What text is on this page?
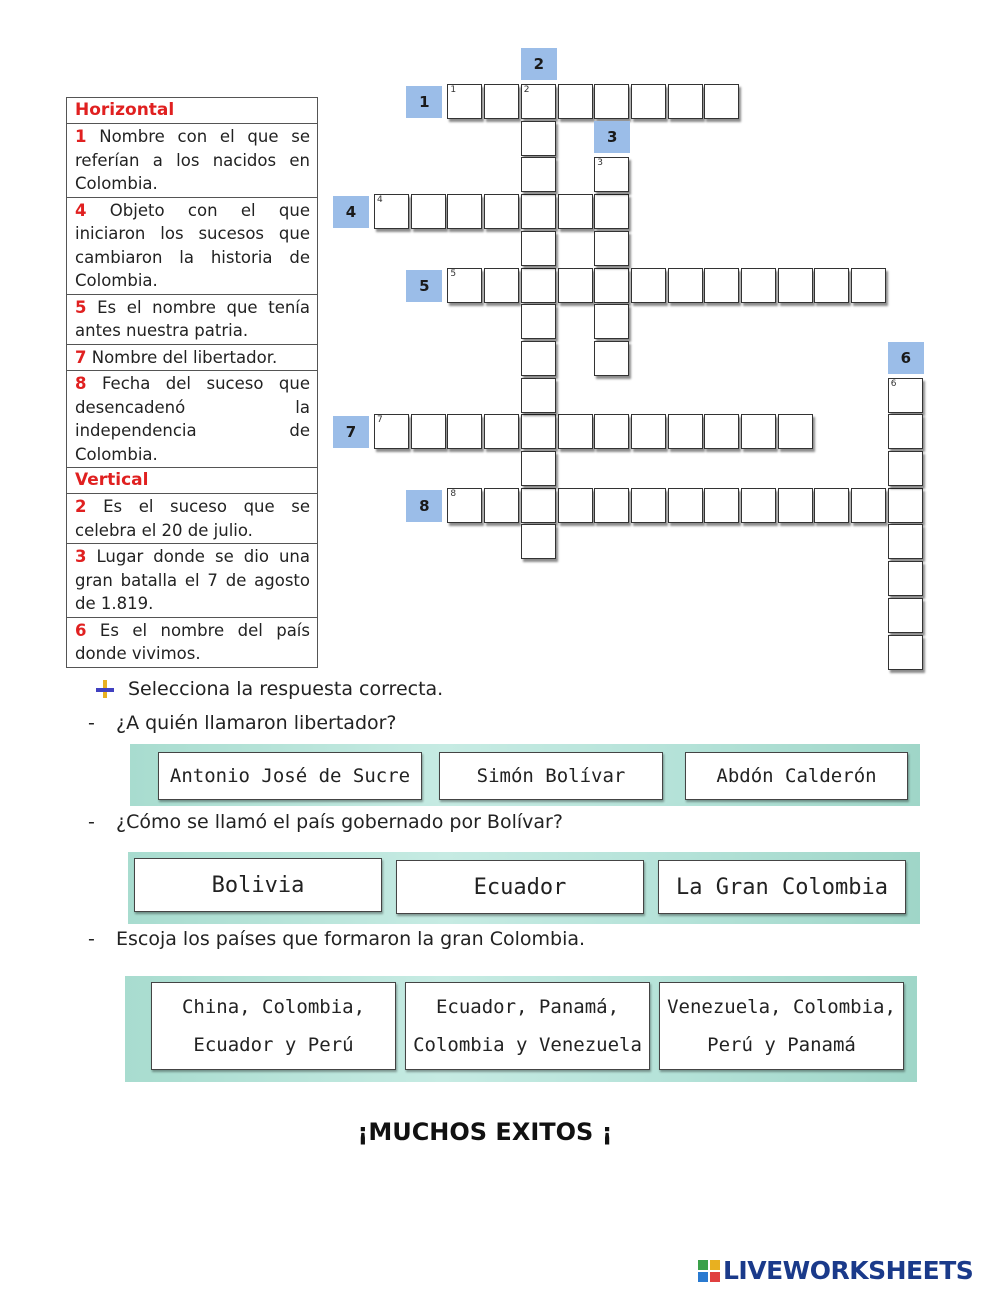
Horizontal
1 Nombre con el que se referían a los nacidos en Colombia.
4 Objeto con el que iniciaron los sucesos que cambiaron la historia de Colombia.
5 Es el nombre que tenía antes nuestra patria.
7 Nombre del libertador.
8 Fecha del suceso que desencadenó la independencia de Colombia.
Vertical
2 Es el suceso que se celebra el 20 de julio.
3 Lugar donde se dio una gran batalla el 7 de agosto de 1.819.
6 Es el nombre del país donde vivimos.
1	2
4
5
7
8
3
6
1
4
5
7
8
2
3
6
Selecciona la respuesta correcta.
- ¿A quién llamaron libertador?
Antonio José de Sucre	Simón Bolívar	Abdón Calderón
- ¿Cómo se llamó el país gobernado por Bolívar?
Bolivia	Ecuador	La Gran Colombia
- Escoja los países que formaron la gran Colombia.
China, Colombia,
Ecuador y Perú
Ecuador, Panamá,
Colombia y Venezuela
Venezuela, Colombia,
Perú y Panamá
¡MUCHOS EXITOS ¡
LIVEWORKSHEETS
